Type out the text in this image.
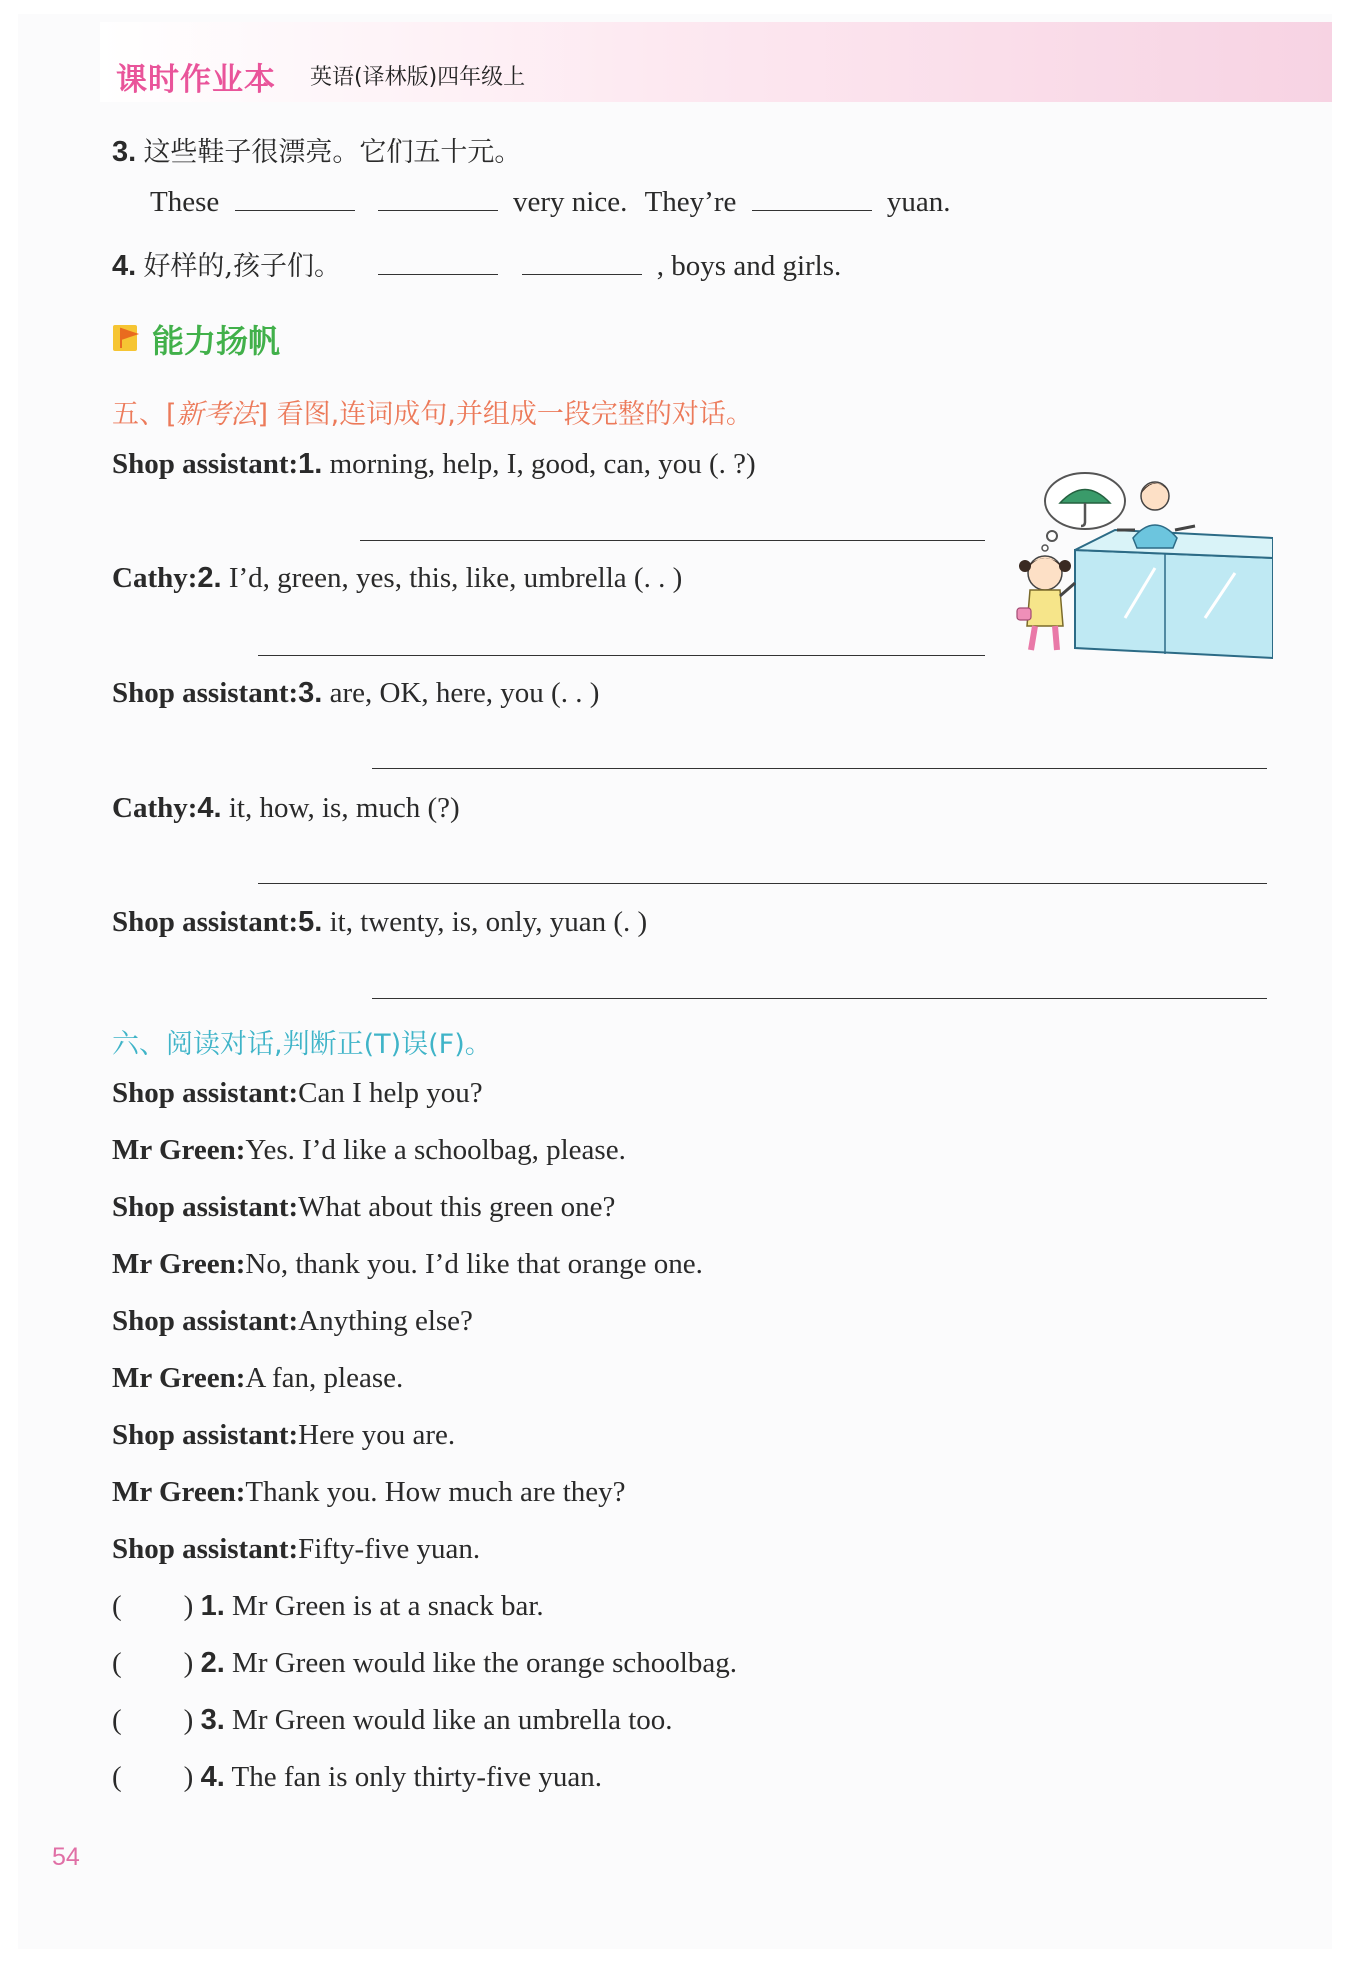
课时作业本 英语(译林版)四年级上
3. 这些鞋子很漂亮。它们五十元。
These	very nice. They’re	yuan.
4. 好样的,孩子们。	, boys and girls.
能力扬帆
五、[新考法] 看图,连词成句,并组成一段完整的对话。
Shop assistant:1. morning, help, I, good, can, you (. ?)
Cathy:2. I’d, green, yes, this, like, umbrella (. . )
Shop assistant:3. are, OK, here, you (. . )
Cathy:4. it, how, is, much (?)
Shop assistant:5. it, twenty, is, only, yuan (. )
六、阅读对话,判断正(T)误(F)。
Shop assistant:Can I help you?
Mr Green:Yes. I’d like a schoolbag, please.
Shop assistant:What about this green one?
Mr Green:No, thank you. I’d like that orange one.
Shop assistant:Anything else?
Mr Green:A fan, please.
Shop assistant:Here you are.
Mr Green:Thank you. How much are they?
Shop assistant:Fifty-five yuan.
( ) 1. Mr Green is at a snack bar.
( ) 2. Mr Green would like the orange schoolbag.
( ) 3. Mr Green would like an umbrella too.
( ) 4. The fan is only thirty-five yuan.
54
